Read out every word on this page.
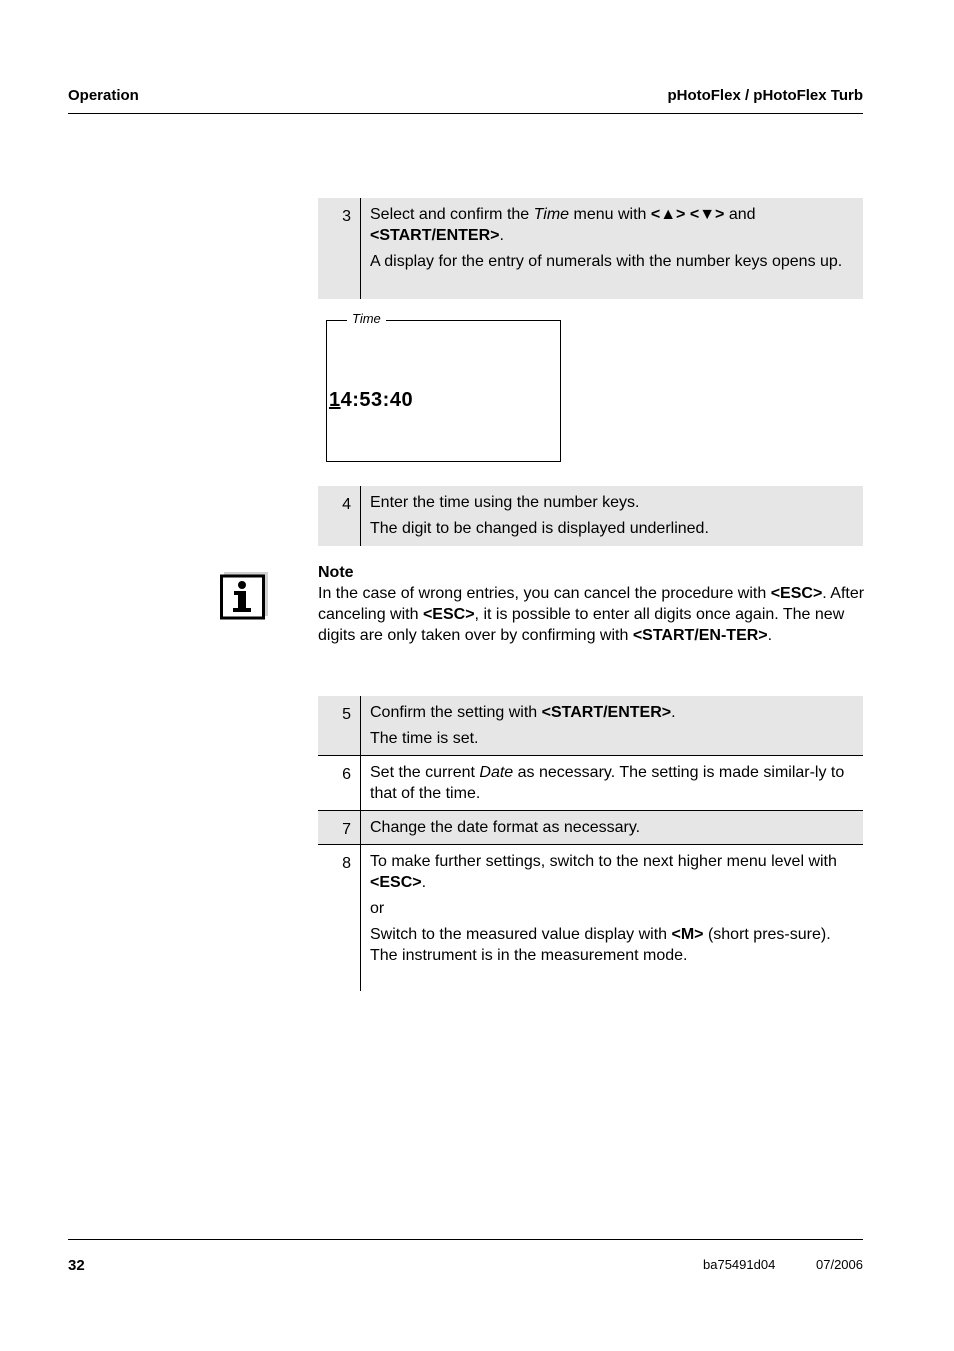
Operation	pHotoFlex / pHotoFlex Turb
3	Select and confirm the Time menu with <▲> <▼> and
<START/ENTER>.

A display for the entry of numerals with the number keys opens up.

Time
14:53:40
4	Enter the time using the number keys.

The digit to be changed is displayed underlined.

Note

In the case of wrong entries, you can cancel the procedure with <ESC>. After canceling with <ESC>, it is possible to enter all digits once again. The new digits are only taken over by confirming with <START/EN-TER>.

5	Confirm the setting with <START/ENTER>.

The time is set.

6	Set the current Date as necessary. The setting is made similar-ly to that of the time.

7	Change the date format as necessary.

8	To make further settings, switch to the next higher menu level with <ESC>.

or

Switch to the measured value display with <M> (short pres-sure).
The instrument is in the measurement mode.

32	ba75491d04	07/2006
